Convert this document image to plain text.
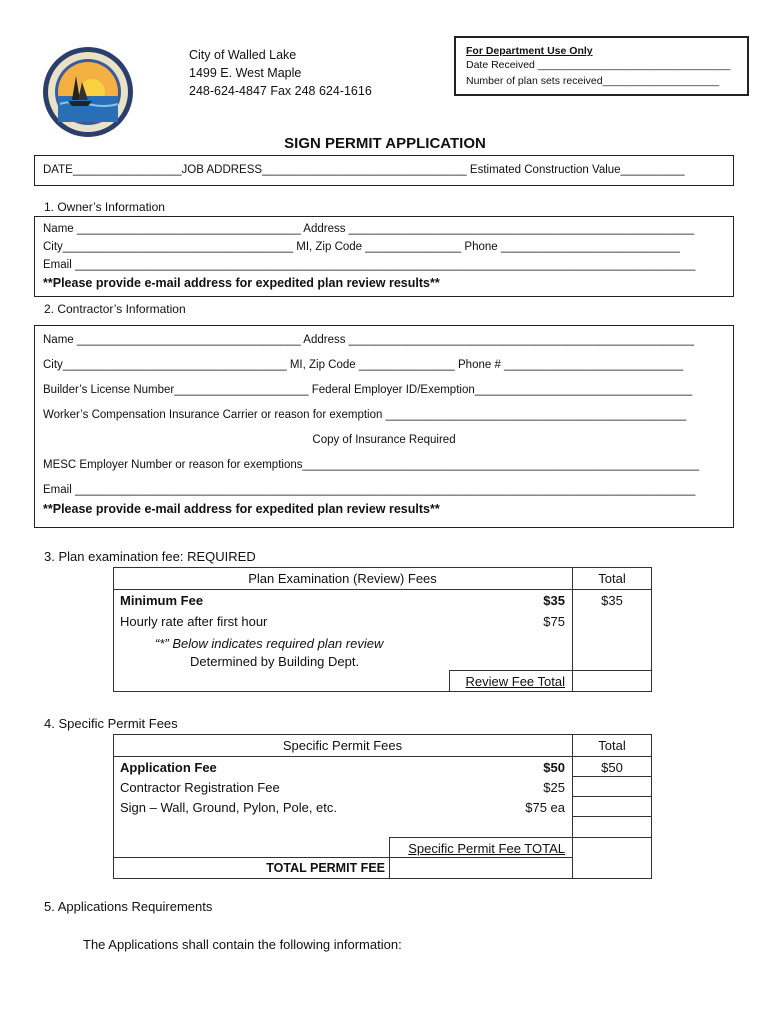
City of Walled Lake
1499 E. West Maple
248-624-4847 Fax 248 624-1616
For Department Use Only
Date Received _________________________________
Number of plan sets received____________________
SIGN PERMIT APPLICATION
DATE_________________JOB ADDRESS________________________________ Estimated Construction Value__________
1. Owner’s Information
Name ___________________________________ Address ______________________________________________________
City____________________________________ MI, Zip Code _______________ Phone ____________________________
Email _________________________________________________________________________________________________
**Please provide e-mail address for expedited plan review results**
2. Contractor’s Information
Name ___________________________________ Address ______________________________________________________
City___________________________________ MI, Zip Code _______________ Phone # ____________________________
Builder’s License Number_____________________ Federal Employer ID/Exemption__________________________________
Worker’s Compensation Insurance Carrier or reason for exemption _______________________________________________
Copy of Insurance Required
MESC Employer Number or reason for exemptions______________________________________________________________
Email _________________________________________________________________________________________________
**Please provide e-mail address for expedited plan review results**
3. Plan examination fee: REQUIRED
Plan Examination (Review) Fees	Total
Minimum Fee	$35	$35
Hourly rate after first hour	$75
“*” Below indicates required plan review
Determined by Building Dept.
Review Fee Total
4. Specific Permit Fees
Specific Permit Fees	Total
Application Fee	$50	$50
Contractor Registration Fee	$25
Sign – Wall, Ground, Pylon, Pole, etc.	$75 ea
Specific Permit Fee TOTAL
TOTAL PERMIT FEE
5. Applications Requirements
The Applications shall contain the following information:
